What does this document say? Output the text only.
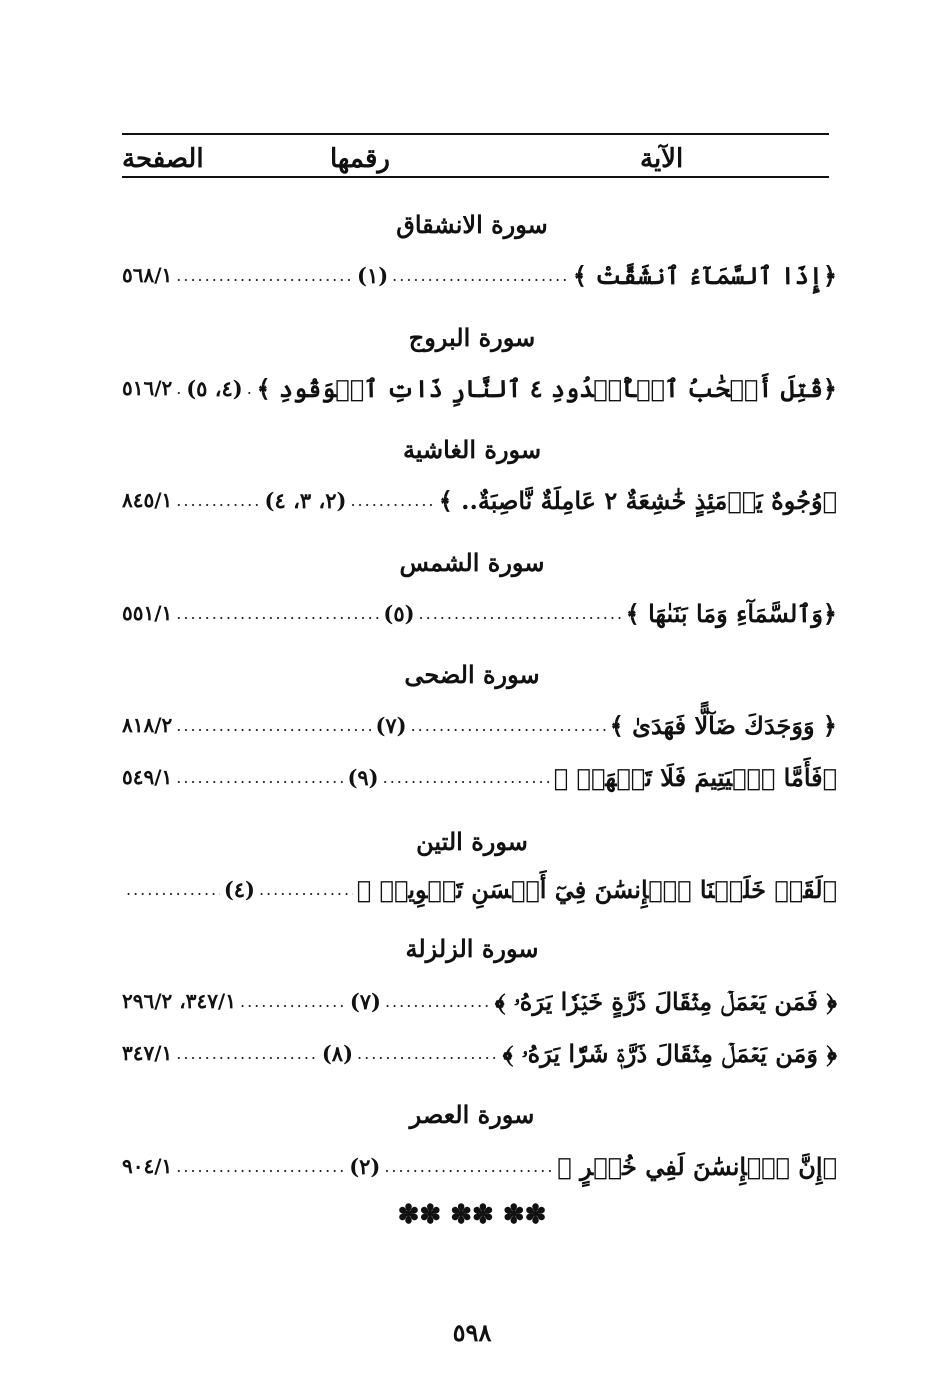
الآية
رقمها
الصفحة
سورة الانشقاق
﴿إِذَا ٱلسَّمَآءُ ٱنشَقَّتْ ﴾
.....
(١)
.....
٥٦٨/١
سورة البروج
﴿قُتِلَ أَصۡحَٰبُ ٱلۡأُخۡدُودِ ٤ ٱلنَّارِ ذَاتِ ٱلۡوَقُودِ ﴾
.....
(٤، ٥)
.....
٥١٦/٢
سورة الغاشية
﴿وُجُوهٌ يَوۡمَئِذٍ خَٰشِعَةٌ ٢ عَامِلَةٌ نَّاصِبَةٌ.. ﴾
.....
(٢، ٣، ٤)
.....
٨٤٥/١
سورة الشمس
﴿وَٱلسَّمَآءِ وَمَا بَنَىٰهَا ﴾
.....
(٥)
.....
٥٥١/١
سورة الضحى
﴿ وَوَجَدَكَ ضَآلًّا فَهَدَىٰ ﴾
.....
(٧)
.....
٨١٨/٢
﴿فَأَمَّا ٱلۡيَتِيمَ فَلَا تَقۡهَرۡ ﴾
.....
(٩)
.....
٥٤٩/١
سورة التين
﴿لَقَدۡ خَلَقۡنَا ٱلۡإِنسَٰنَ فِيٓ أَحۡسَنِ تَقۡوِيمٖ ﴾
.....
(٤)
.....
سورة الزلزلة
﴿ فَمَن يَعۡمَلۡ مِثۡقَالَ ذَرَّةٍ خَيۡرٗا يَرَهُۥ ﴾
.....
(٧)
.....
٣٤٧/١، ٢٩٦/٢
﴿ وَمَن يَعۡمَلۡ مِثۡقَالَ ذَرَّةٖ شَرّٗا يَرَهُۥ ﴾
.....
(٨)
.....
٣٤٧/١
سورة العصر
﴿إِنَّ ٱلۡإِنسَٰنَ لَفِي خُسۡرٍ ﴾
.....
(٢)
.....
٩٠٤/١
✽✽ ✽✽ ✽✽
٥٩٨
